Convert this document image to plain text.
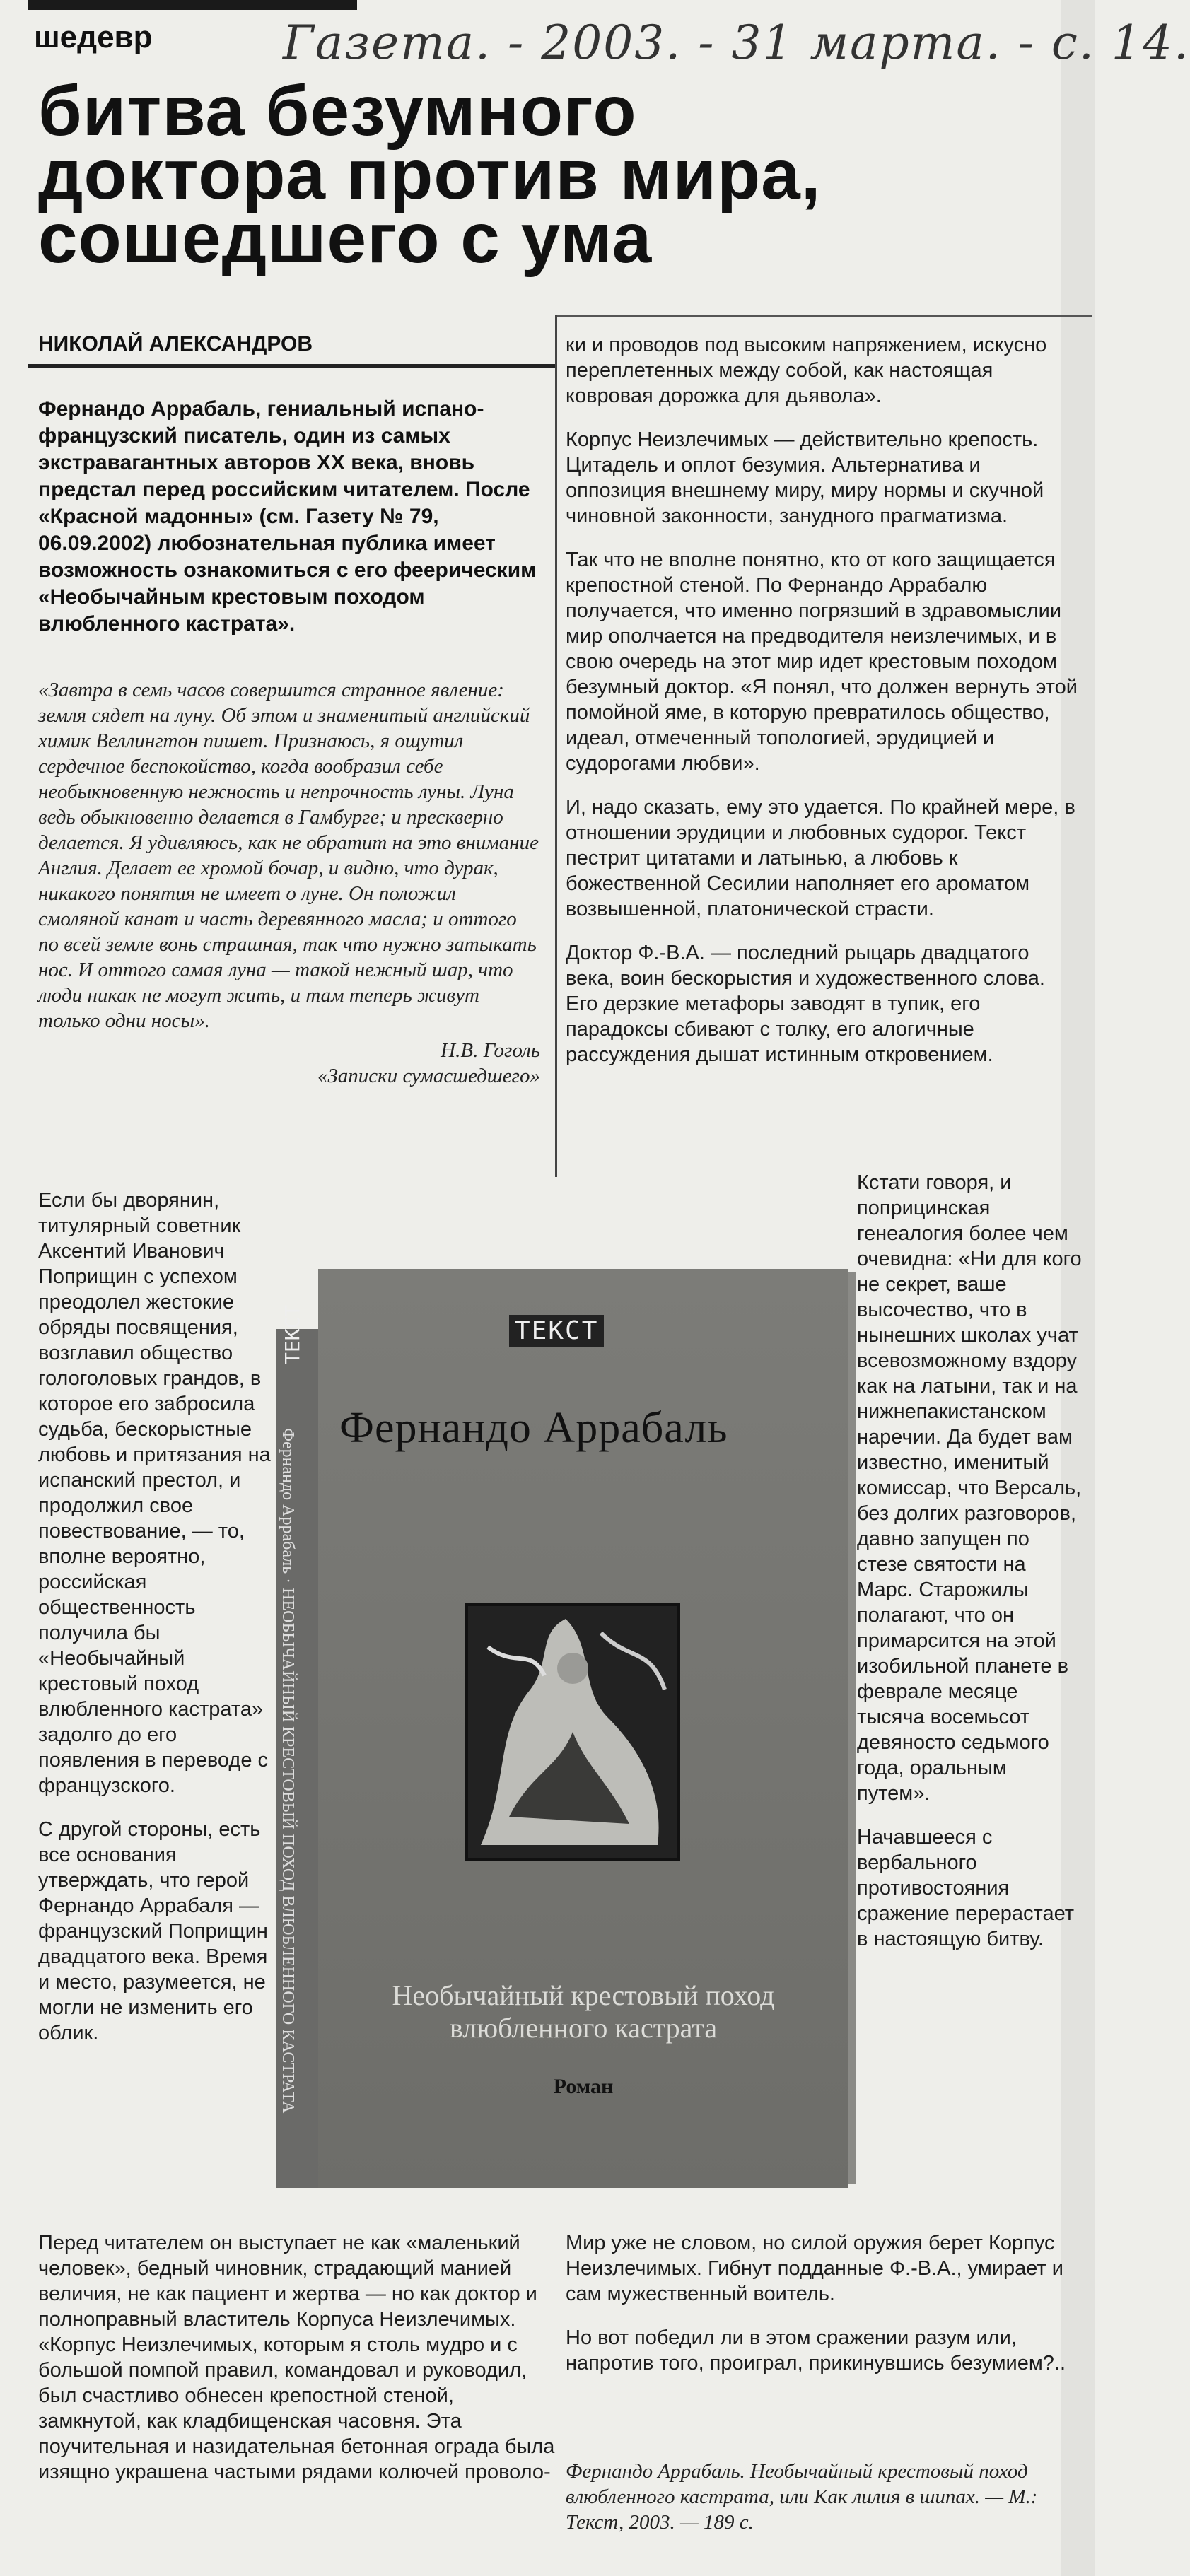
шедевр	Газета. - 2003. - 31 марта. - с. 14.
битва безумного
доктора против мира,
сошедшего с ума
НИКОЛАЙ АЛЕКСАНДРОВ
Фернандо Аррабаль, гениальный испано-французский писатель, один из самых экстравагантных авторов XX века, вновь предстал перед российским читателем. После «Красной мадонны» (см. Газету № 79, 06.09.2002) любознательная публика имеет возможность ознакомиться с его феерическим «Необычайным крестовым походом влюбленного кастрата».
«Завтра в семь часов совершится странное явление: земля сядет на луну. Об этом и знаменитый английский химик Веллингтон пишет. Признаюсь, я ощутил сердечное беспокойство, когда вообразил себе необыкновенную нежность и непрочность луны. Луна ведь обыкновенно делается в Гамбурге; и прескверно делается. Я удивляюсь, как не обратит на это внимание Англия. Делает ее хромой бочар, и видно, что дурак, никакого понятия не имеет о луне. Он положил смоляной канат и часть деревянного масла; и оттого по всей земле вонь страшная, так что нужно затыкать нос. И оттого самая луна — такой нежный шар, что люди никак не могут жить, и там теперь живут только одни носы».
Н.В. Гоголь
«Записки сумасшедшего»

ки и проводов под высоким напряжением, искусно переплетенных между собой, как настоящая ковровая дорожка для дьявола».

Корпус Неизлечимых — действительно крепость. Цитадель и оплот безумия. Альтернатива и оппозиция внешнему миру, миру нормы и скучной чиновной законности, занудного прагматизма.

Так что не вполне понятно, кто от кого защищается крепостной стеной. По Фернандо Аррабалю получается, что именно погрязший в здравомыслии мир ополчается на предводителя неизлечимых, и в свою очередь на этот мир идет крестовым походом безумный доктор. «Я понял, что должен вернуть этой помойной яме, в которую превратилось общество, идеал, отмеченный топологией, эрудицией и судорогами любви».

И, надо сказать, ему это удается. По крайней мере, в отношении эрудиции и любовных судорог. Текст пестрит цитатами и латынью, а любовь к божественной Сесилии наполняет его ароматом возвышенной, платонической страсти.

Доктор Ф.-В.А. — последний рыцарь двадцатого века, воин бескорыстия и художественного слова. Его дерзкие метафоры заводят в тупик, его парадоксы сбивают с толку, его алогичные рассуждения дышат истинным откровением.

Если бы дворянин, титулярный советник Аксентий Иванович Поприщин с успехом преодолел жестокие обряды посвящения, возглавил общество гологоловых грандов, в которое его забросила судьба, бескорыстные любовь и притязания на испанский престол, и продолжил свое повествование, — то, вполне вероятно, российская общественность получила бы «Необычайный крестовый поход влюбленного кастрата» задолго до его появления в переводе с французского.

С другой стороны, есть все основания утверждать, что герой Фернандо Аррабаля — французский Поприщин двадцатого века. Время и место, разумеется, не могли не изменить его облик.

ТЕКСТ
ТЕКСТ
Фернандо Аррабаль · НЕОБЫЧАЙНЫЙ КРЕСТОВЫЙ ПОХОД ВЛЮБЛЕННОГО КАСТРАТА
Фернандо Аррабаль
Необычайный крестовый поход влюбленного кастрата
Роман

Кстати говоря, и поприцинская генеалогия более чем очевидна: «Ни для кого не секрет, ваше высочество, что в нынешних школах учат всевозможному вздору как на латыни, так и на нижнепакистанском наречии. Да будет вам известно, именитый комиссар, что Версаль, без долгих разговоров, давно запущен по стезе святости на Марс. Старожилы полагают, что он примарсится на этой изобильной планете в феврале месяце тысяча восемьсот девяносто седьмого года, оральным путем».

Начавшееся с вербального противостояния сражение перерастает в настоящую битву.

Перед читателем он выступает не как «маленький человек», бедный чиновник, страдающий манией величия, не как пациент и жертва — но как доктор и полноправный властитель Корпуса Неизлечимых. «Корпус Неизлечимых, которым я столь мудро и с большой помпой правил, командовал и руководил, был счастливо обнесен крепостной стеной, замкнутой, как кладбищенская часовня. Эта поучительная и назидательная бетонная ограда была изящно украшена частыми рядами колючей проволо-

Мир уже не словом, но силой оружия берет Корпус Неизлечимых. Гибнут подданные Ф.-В.А., умирает и сам мужественный воитель.

Но вот победил ли в этом сражении разум или, напротив того, проиграл, прикинувшись безумием?..

Фернандо Аррабаль. Необычайный крестовый поход влюбленного кастрата, или Как лилия в шипах. — М.: Текст, 2003. — 189 с.
